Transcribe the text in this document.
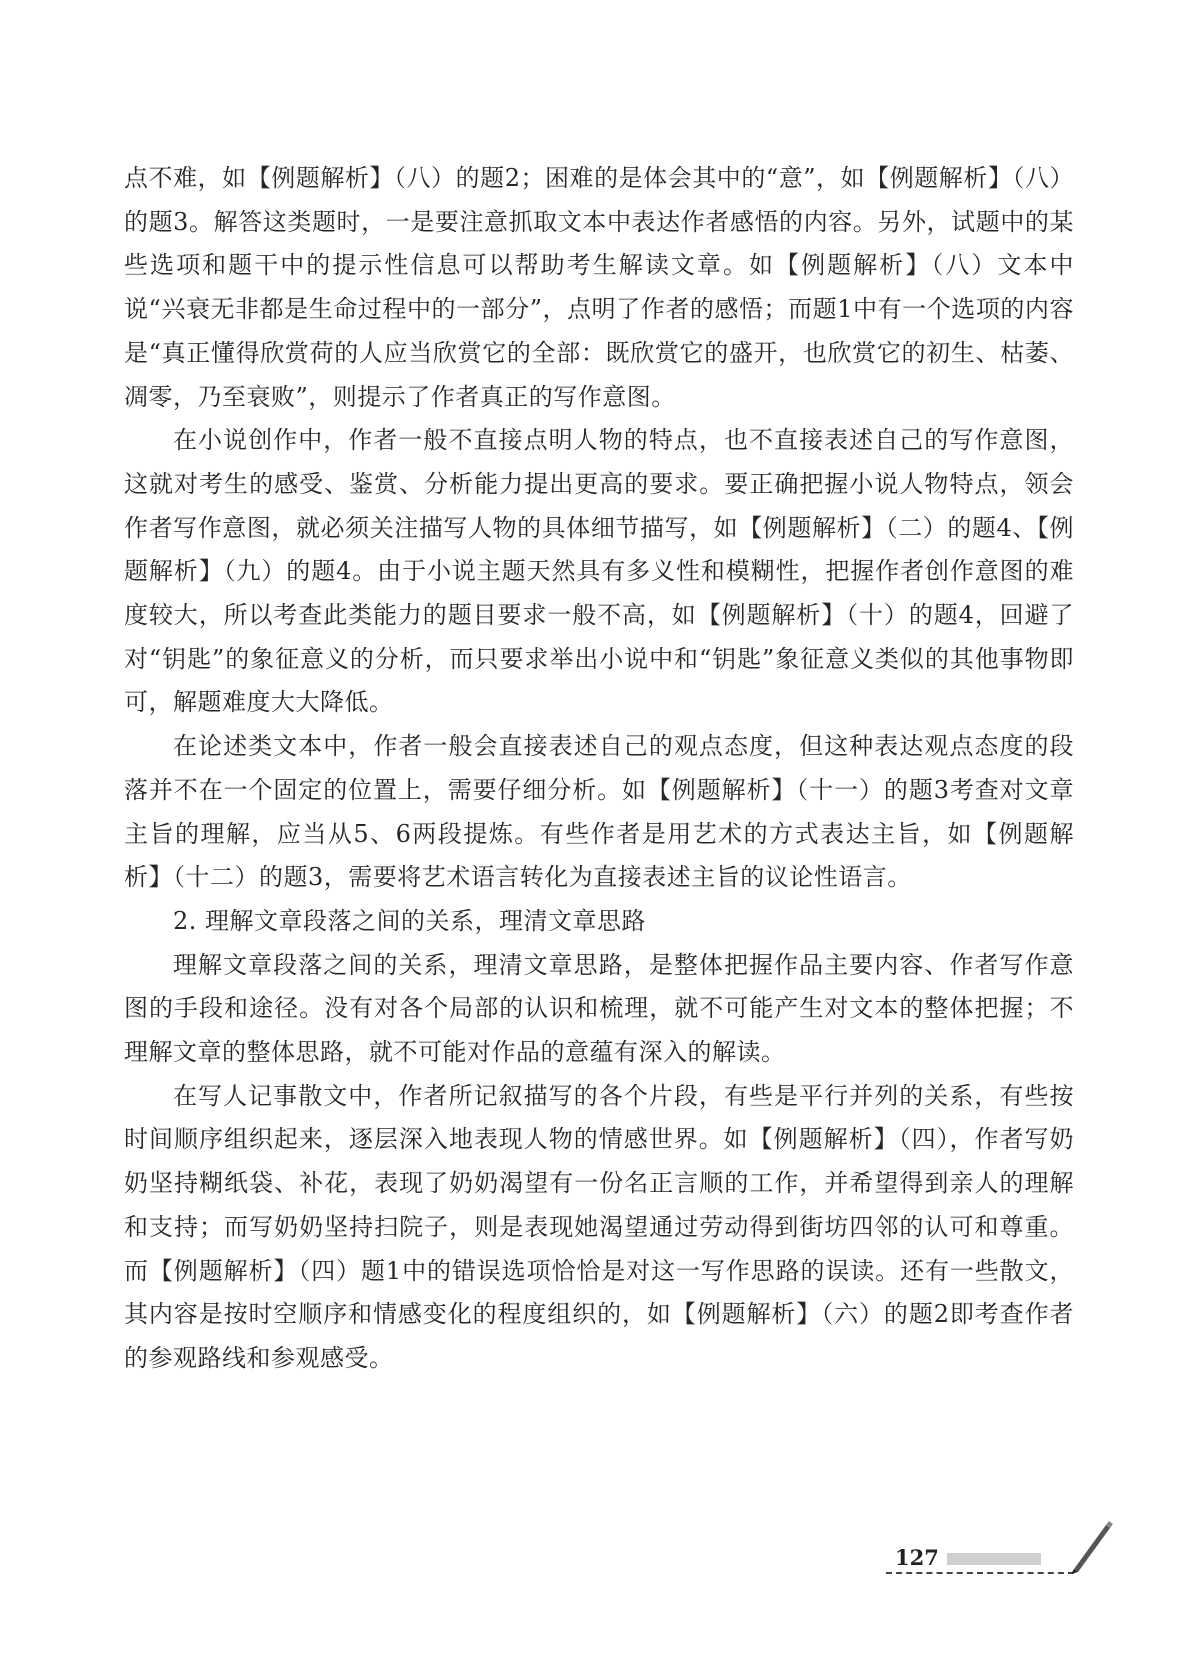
点不难，如【例题解析】（八）的题2；困难的是体会其中的“意”，如【例题解析】（八）的题3。解答这类题时，一是要注意抓取文本中表达作者感悟的内容。另外，试题中的某些选项和题干中的提示性信息可以帮助考生解读文章。如【例题解析】（八）文本中说“兴衰无非都是生命过程中的一部分”，点明了作者的感悟；而题1中有一个选项的内容是“真正懂得欣赏荷的人应当欣赏它的全部：既欣赏它的盛开，也欣赏它的初生、枯萎、凋零，乃至衰败”，则提示了作者真正的写作意图。

在小说创作中，作者一般不直接点明人物的特点，也不直接表述自己的写作意图，这就对考生的感受、鉴赏、分析能力提出更高的要求。要正确把握小说人物特点，领会作者写作意图，就必须关注描写人物的具体细节描写，如【例题解析】（二）的题4、【例题解析】（九）的题4。由于小说主题天然具有多义性和模糊性，把握作者创作意图的难度较大，所以考查此类能力的题目要求一般不高，如【例题解析】（十）的题4，回避了对“钥匙”的象征意义的分析，而只要求举出小说中和“钥匙”象征意义类似的其他事物即可，解题难度大大降低。

在论述类文本中，作者一般会直接表述自己的观点态度，但这种表达观点态度的段落并不在一个固定的位置上，需要仔细分析。如【例题解析】（十一）的题3考查对文章主旨的理解，应当从5、6两段提炼。有些作者是用艺术的方式表达主旨，如【例题解析】（十二）的题3，需要将艺术语言转化为直接表述主旨的议论性语言。

2. 理解文章段落之间的关系，理清文章思路

理解文章段落之间的关系，理清文章思路，是整体把握作品主要内容、作者写作意图的手段和途径。没有对各个局部的认识和梳理，就不可能产生对文本的整体把握；不理解文章的整体思路，就不可能对作品的意蕴有深入的解读。

在写人记事散文中，作者所记叙描写的各个片段，有些是平行并列的关系，有些按时间顺序组织起来，逐层深入地表现人物的情感世界。如【例题解析】（四），作者写奶奶坚持糊纸袋、补花，表现了奶奶渴望有一份名正言顺的工作，并希望得到亲人的理解和支持；而写奶奶坚持扫院子，则是表现她渴望通过劳动得到街坊四邻的认可和尊重。而【例题解析】（四）题1中的错误选项恰恰是对这一写作思路的误读。还有一些散文，其内容是按时空顺序和情感变化的程度组织的，如【例题解析】（六）的题2即考查作者的参观路线和参观感受。

127
